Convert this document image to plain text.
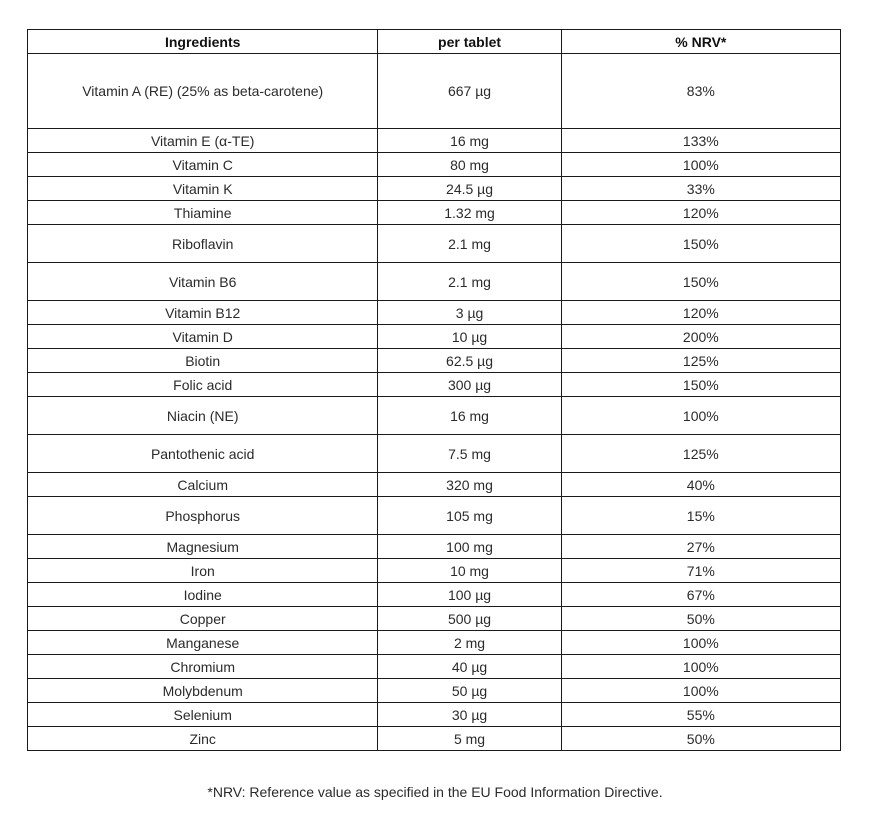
Ingredients	per tablet	% NRV*
Vitamin A (RE) (25% as beta-carotene)	667 µg	83%
Vitamin E (α-TE)	16 mg	133%
Vitamin C	80 mg	100%
Vitamin K	24.5 µg	33%
Thiamine	1.32 mg	120%
Riboflavin	2.1 mg	150%
Vitamin B6	2.1 mg	150%
Vitamin B12	3 µg	120%
Vitamin D	10 µg	200%
Biotin	62.5 µg	125%
Folic acid	300 µg	150%
Niacin (NE)	16 mg	100%
Pantothenic acid	7.5 mg	125%
Calcium	320 mg	40%
Phosphorus	105 mg	15%
Magnesium	100 mg	27%
Iron	10 mg	71%
Iodine	100 µg	67%
Copper	500 µg	50%
Manganese	2 mg	100%
Chromium	40 µg	100%
Molybdenum	50 µg	100%
Selenium	30 µg	55%
Zinc	5 mg	50%
*NRV: Reference value as specified in the EU Food Information Directive.
